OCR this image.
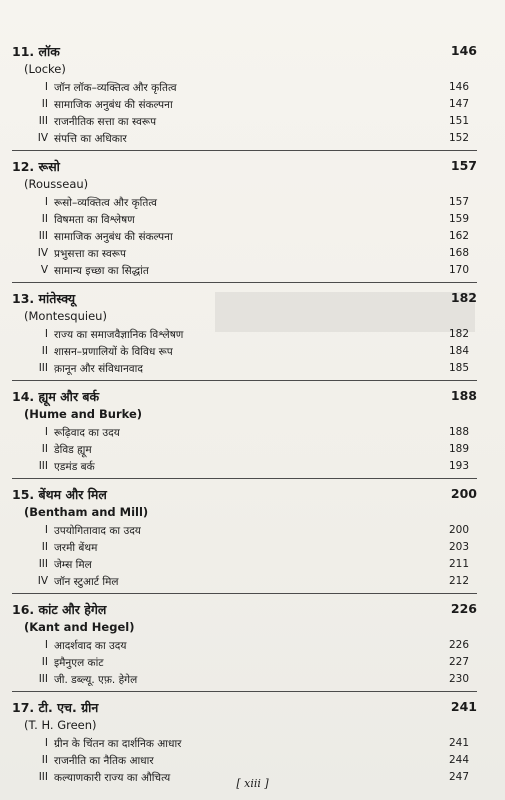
11. लॉक	146
(Locke)
I जॉन लॉक–व्यक्तित्व और कृतित्व	146
II सामाजिक अनुबंध की संकल्पना	147
III राजनीतिक सत्ता का स्वरूप	151
IV संपत्ति का अधिकार	152
12. रूसो	157
(Rousseau)
I रूसो–व्यक्तित्व और कृतित्व	157
II विषमता का विश्लेषण	159
III सामाजिक अनुबंध की संकल्पना	162
IV प्रभुसत्ता का स्वरूप	168
V सामान्य इच्छा का सिद्धांत	170
13. मांतेस्क्यू	182
(Montesquieu)
I राज्य का समाजवैज्ञानिक विश्लेषण	182
II शासन–प्रणालियों के विविध रूप	184
III क़ानून और संविधानवाद	185
14. ह्यूम और बर्क	188
(Hume and Burke)
I रूढ़िवाद का उदय	188
II डेविड ह्यूम	189
III एडमंड बर्क	193
15. बेंथम और मिल	200
(Bentham and Mill)
I उपयोगितावाद का उदय	200
II जरमी बेंथम	203
III जेम्स मिल	211
IV जॉन स्टुआर्ट मिल	212
16. कांट और हेगेल	226
(Kant and Hegel)
I आदर्शवाद का उदय	226
II इमैनुएल कांट	227
III जी. डब्ल्यू. एफ़. हेगेल	230
17. टी. एच. ग्रीन	241
(T. H. Green)
I ग्रीन के चिंतन का दार्शनिक आधार	241
II राजनीति का नैतिक आधार	244
III कल्याणकारी राज्य का औचित्य	247
[ xiii ]
